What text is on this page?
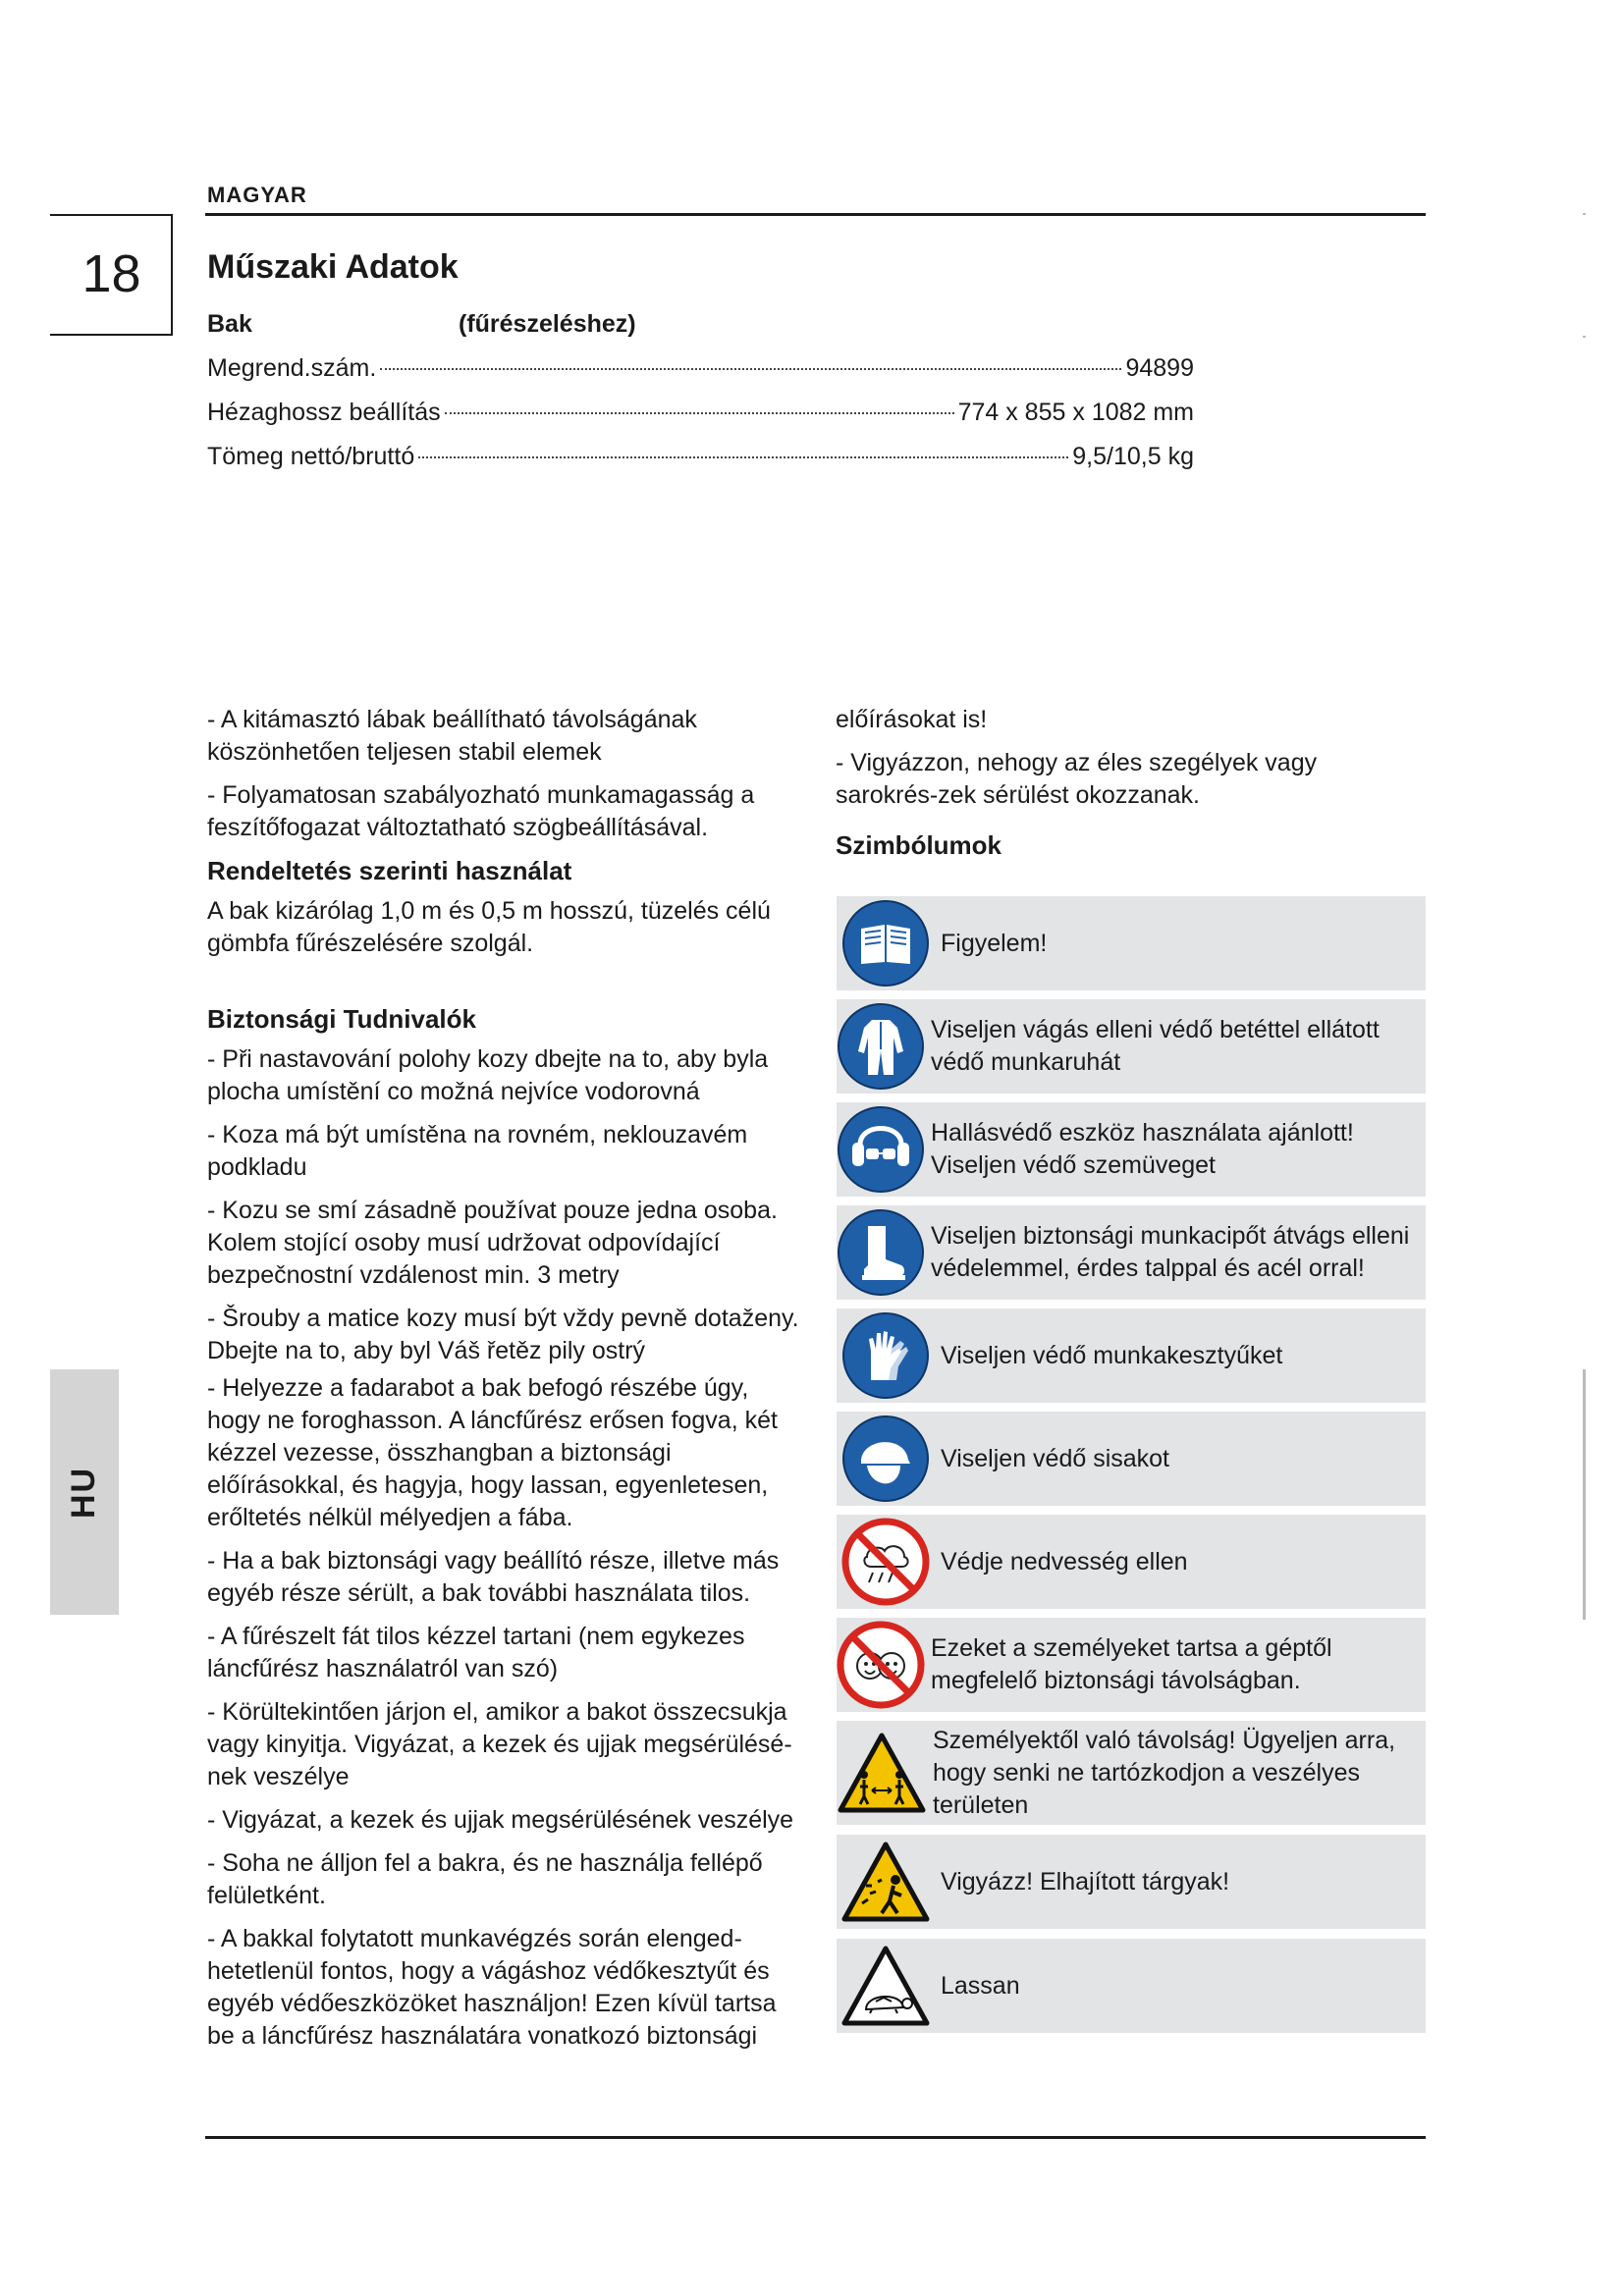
MAGYAR
18	Műszaki Adatok
Bak	(fűrészeléshez)
Megrend.szám.	94899
Hézaghossz beállítás	774 x 855 x 1082 mm
Tömeg nettó/bruttó	9,5/10,5 kg

- A kitámasztó lábak beállítható távolságának köszönhetően teljesen stabil elemek

- Folyamatosan szabályozható munkamagasság a feszítőfogazat változtatható szögbeállításával.

Rendeltetés szerinti használat

A bak kizárólag 1,0 m és 0,5 m hosszú, tüzelés célú gömbfa fűrészelésére szolgál.

Biztonsági Tudnivalók

- Při nastavování polohy kozy dbejte na to, aby byla plocha umístění co možná nejvíce vodorovná

- Koza má být umístěna na rovném, neklouzavém podkladu

- Kozu se smí zásadně používat pouze jedna osoba. Kolem stojící osoby musí udržovat odpovídající bezpečnostní vzdálenost min. 3 metry

- Šrouby a matice kozy musí být vždy pevně dotaženy. Dbejte na to, aby byl Váš řetěz pily ostrý

- Helyezze a fadarabot a bak befogó részébe úgy, hogy ne foroghasson. A láncfűrész erősen fogva, két kézzel vezesse, összhangban a biztonsági előírásokkal, és hagyja, hogy lassan, egyenletesen, erőltetés nélkül mélyedjen a fába.

- Ha a bak biztonsági vagy beállító része, illetve más egyéb része sérült, a bak további használata tilos.

- A fűrészelt fát tilos kézzel tartani (nem egykezes láncfűrész használatról van szó)

- Körültekintően járjon el, amikor a bakot összecsukja vagy kinyitja. Vigyázat, a kezek és ujjak megsérülésé-nek veszélye

- Vigyázat, a kezek és ujjak megsérülésének veszélye

- Soha ne álljon fel a bakra, és ne használja fellépő felületként.

- A bakkal folytatott munkavégzés során elenged-hetetlenül fontos, hogy a vágáshoz védőkesztyűt és egyéb védőeszközöket használjon! Ezen kívül tartsa be a láncfűrész használatára vonatkozó biztonsági

előírásokat is!

- Vigyázzon, nehogy az éles szegélyek vagy sarokrés-zek sérülést okozzanak.

Szimbólumok
Figyelem!
Viseljen vágás elleni védő betéttel ellátott védő munkaruhát
Hallásvédő eszköz használata ajánlott! Viseljen védő szemüveget
Viseljen biztonsági munkacipőt átvágs elleni védelemmel, érdes talppal és acél orral!
Viseljen védő munkakesztyűket
Viseljen védő sisakot
Védje nedvesség ellen
Ezeket a személyeket tartsa a géptől megfelelő biztonsági távolságban.
Személyektől való távolság! Ügyeljen arra, hogy senki ne tartózkodjon a veszélyes területen
Vigyázz! Elhajított tárgyak!
Lassan
HU
